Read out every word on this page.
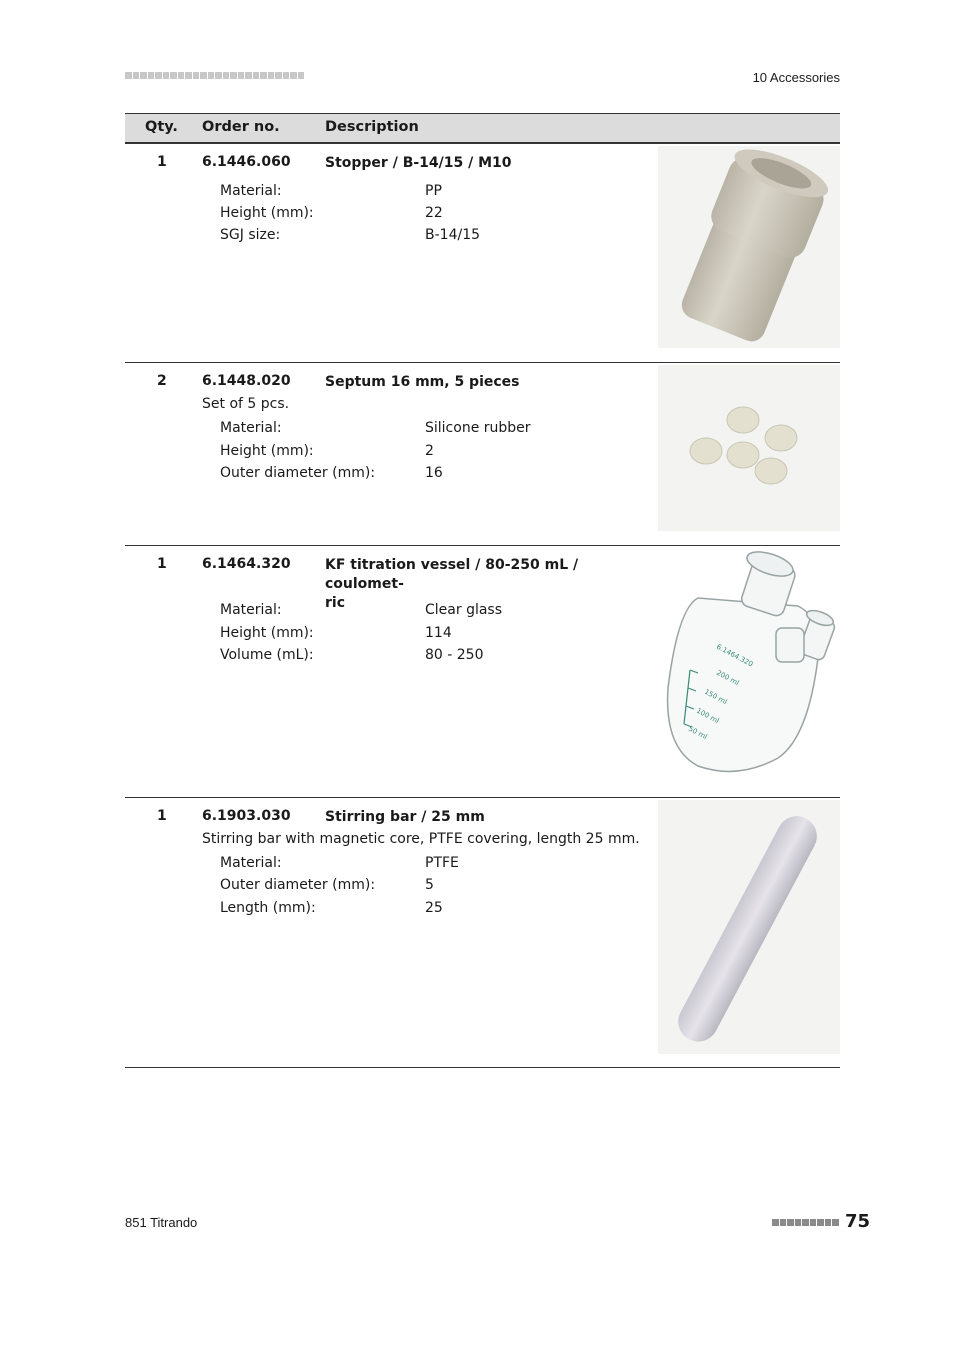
10 Accessories
Qty. Order no.	Description
1	6.1446.060 Stopper / B-14/15 / M10
Material:	PP
Height (mm):	22
SGJ size:	B-14/15
2	6.1448.020 Septum 16 mm, 5 pieces
Set of 5 pcs.
Material:	Silicone rubber
Height (mm):	2
Outer diameter (mm):	16
1	6.1464.320 KF titration vessel / 80-250 mL / coulomet-
ric
Material:	Clear glass
Height (mm):	114
Volume (mL):	80 - 250	6.1464.320
200 ml
150 ml
100 ml
50 ml
1	6.1903.030 Stirring bar / 25 mm
Stirring bar with magnetic core, PTFE covering, length 25 mm.
Material:	PTFE
Outer diameter (mm):	5
Length (mm):	25
851 Titrando	75
